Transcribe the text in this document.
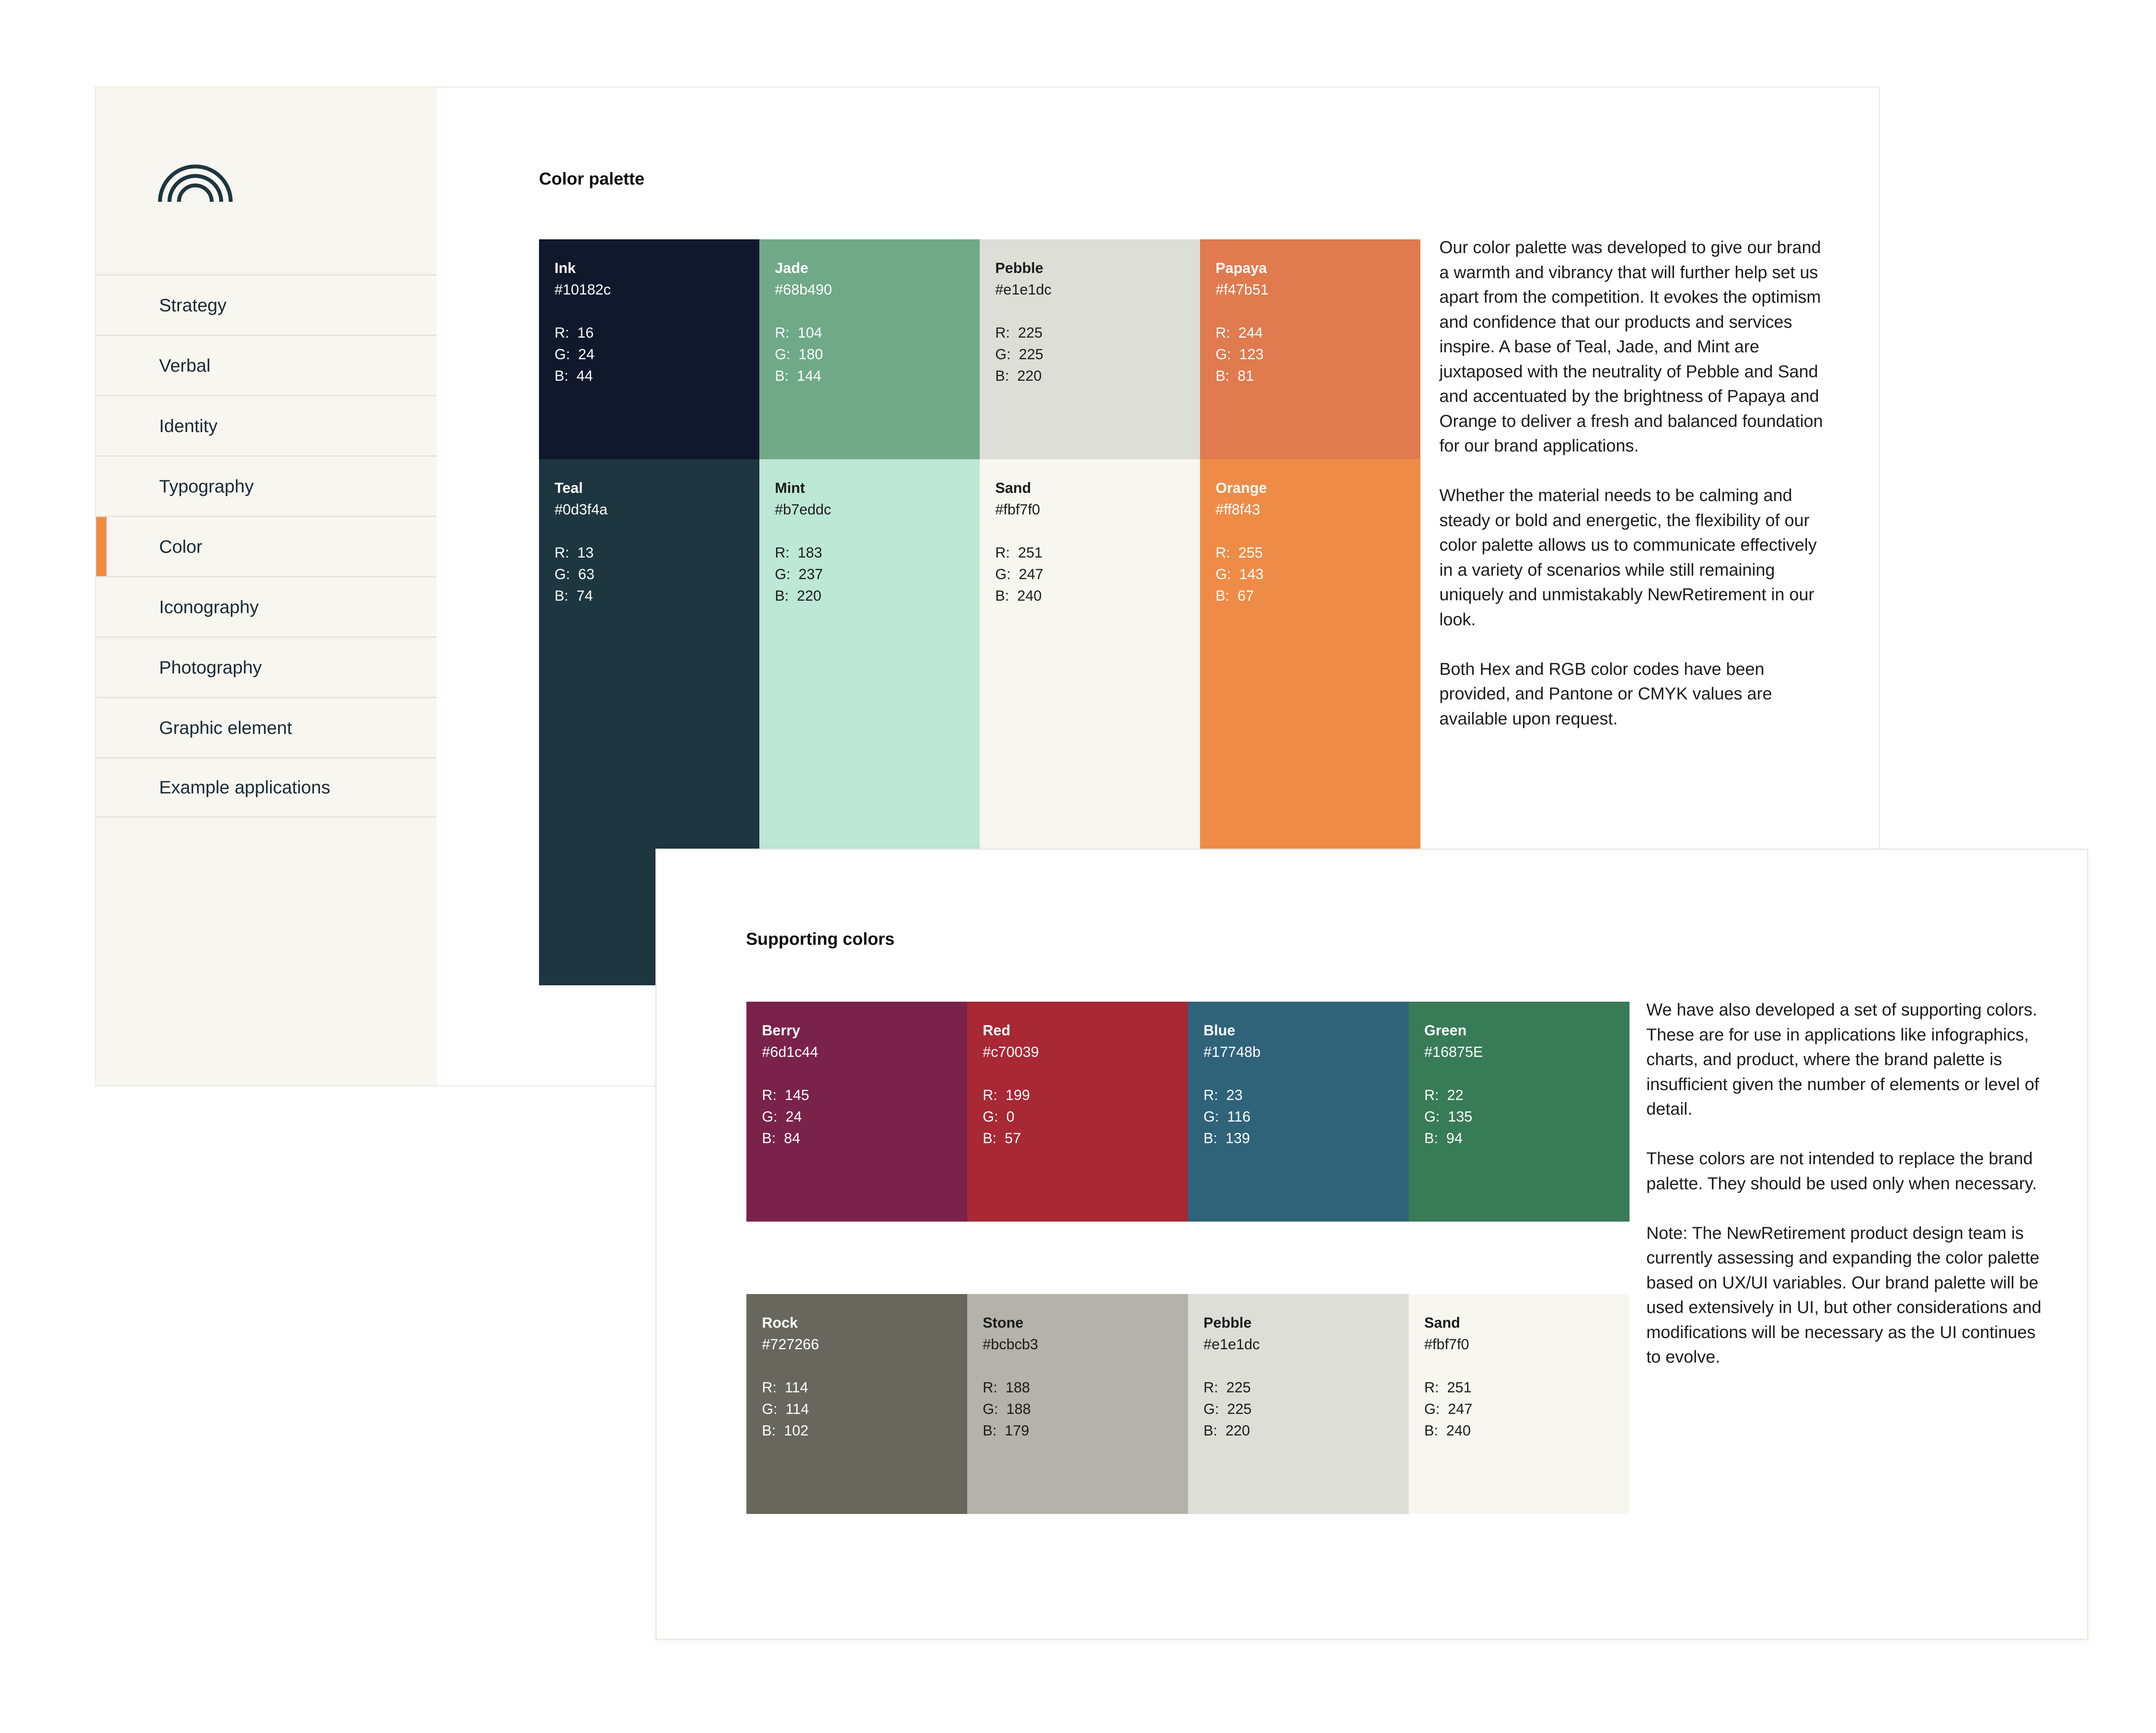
Strategy
Verbal
Identity
Typography
Color
Iconography
Photography
Graphic element
Example applications
Color palette
Ink
#10182c
R:  16
G:  24
B:  44
Jade
#68b490
R:  104
G:  180
B:  144
Pebble
#e1e1dc
R:  225
G:  225
B:  220
Papaya
#f47b51
R:  244
G:  123
B:  81
Teal
#0d3f4a
R:  13
G:  63
B:  74
Mint
#b7eddc
R:  183
G:  237
B:  220
Sand
#fbf7f0
R:  251
G:  247
B:  240
Orange
#ff8f43
R:  255
G:  143
B:  67

Our color palette was developed to give our brand a warmth and vibrancy that will further help set us apart from the competition. It evokes the optimism and confidence that our products and services inspire. A base of Teal, Jade, and Mint are juxtaposed with the neutrality of Pebble and Sand and accentuated by the brightness of Papaya and Orange to deliver a fresh and balanced foundation for our brand applications.

Whether the material needs to be calming and steady or bold and energetic, the flexibility of our color palette allows us to communicate effectively in a variety of scenarios while still remaining uniquely and unmistakably NewRetirement in our look.

Both Hex and RGB color codes have been provided, and Pantone or CMYK values are available upon request.

Supporting colors
Berry
#6d1c44
R:  145
G:  24
B:  84
Red
#c70039
R:  199
G:  0
B:  57
Blue
#17748b
R:  23
G:  116
B:  139
Green
#16875E
R:  22
G:  135
B:  94
Rock
#727266
R:  114
G:  114
B:  102
Stone
#bcbcb3
R:  188
G:  188
B:  179
Pebble
#e1e1dc
R:  225
G:  225
B:  220
Sand
#fbf7f0
R:  251
G:  247
B:  240

We have also developed a set of supporting colors. These are for use in applications like infographics, charts, and product, where the brand palette is insufficient given the number of elements or level of detail.

These colors are not intended to replace the brand palette. They should be used only when necessary.

Note: The NewRetirement product design team is currently assessing and expanding the color palette based on UX/UI variables. Our brand palette will be used extensively in UI, but other considerations and modifications will be necessary as the UI continues to evolve.
